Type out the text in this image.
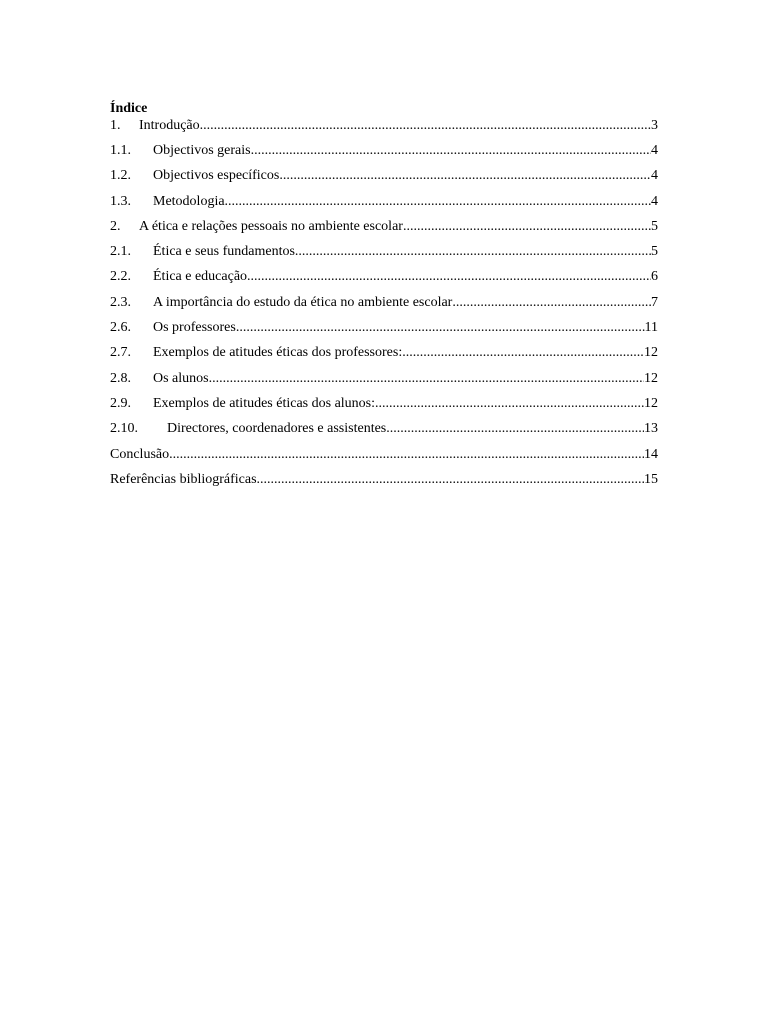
Índice
1.	Introdução .....	3
1.1.	Objectivos gerais .....	4
1.2.	Objectivos específicos .....	4
1.3.	Metodologia .....	4
2.	A ética e relações pessoais no ambiente escolar .....	5
2.1.	Ética e seus fundamentos .....	5
2.2.	Ética e educação .....	6
2.3.	A importância do estudo da ética no ambiente escolar .....	7
2.6.	Os professores .....	11
2.7.	Exemplos de atitudes éticas dos professores: .....	12
2.8.	Os alunos .....	12
2.9.	Exemplos de atitudes éticas dos alunos: .....	12
2.10.	Directores, coordenadores e assistentes .....	13
Conclusão .....	14
Referências bibliográficas .....	15
